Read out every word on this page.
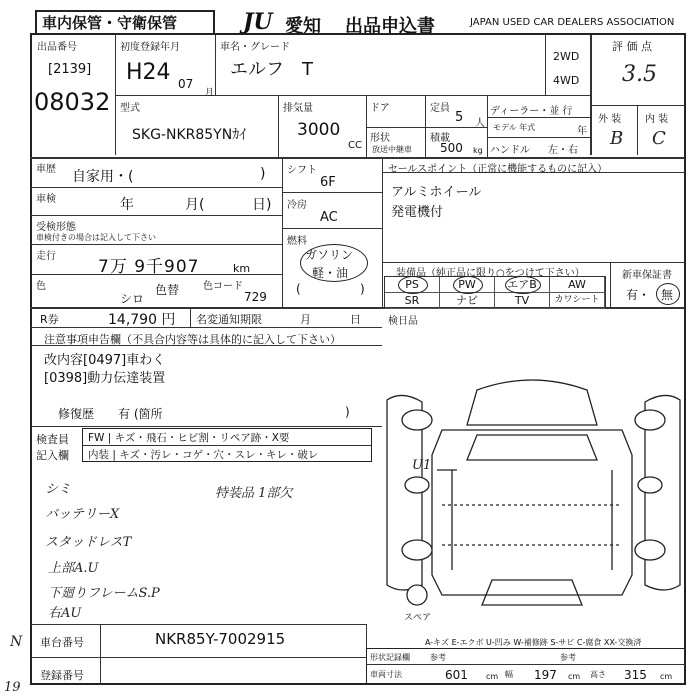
車内保管・守衛保管	JU 愛知 出品申込書	JAPAN USED CAR DEALERS ASSOCIATION
出品番号
[2139]
08032
初度登録年月
H24 07
月
車名・グレード
エルフ　T
2WD
4WD
評 価 点
3.5
外 装 内 装
B C
型式
SKG-NKR85YNｶｲ
排気量
3000
CC
ドア	定員
5 人
形状
放送中継車
積載
500 kg
ディーラー・並 行
モデル 年式	年
ハンドル 左・右
車歴 自家用・(	)
車検	年	月(	日)
受検形態
車検付きの場合は記入して下さい
走行
7万 9千907	km
色
シロ
色替 色コード
729
シフト
6F
冷房
AC
燃料
ガソリン
軽・油
(	)
セールスポイント（正常に機能するものに記入）
アルミホイール
発電機付
装備品（純正品に限り○をつけて下さい）
PS	PW	エアB	AW
SR	ナビ	TV	カワシート
新車保証書
有・ 無
R券	14,790 円 名変通知期限	月	日	検日品
注意事項申告欄（不具合内容等は具体的に記入して下さい）
改内容[0497]車わく
[0398]動力伝達装置
修復歴 有 (箇所	)
検査員
記入欄
FW | キズ・飛石・ヒビ割・リペア跡・X要
内装 | キズ・汚レ・コゲ・穴・スレ・キレ・破レ
シミ	特装品 1部欠
バッテリーX
スタッドレスT
上部A.U
下廻りフレームS.P
右AU
U1
N
19
スペア
A-キズ E-エクボ U-凹み W-補修跡 S-サビ C-腐食 XX-交換済
車台番号	NKR85Y-7002915
登録番号
形状記録欄	参考	参考
車両寸法	601 cm 幅 197 cm 高さ 315 cm
